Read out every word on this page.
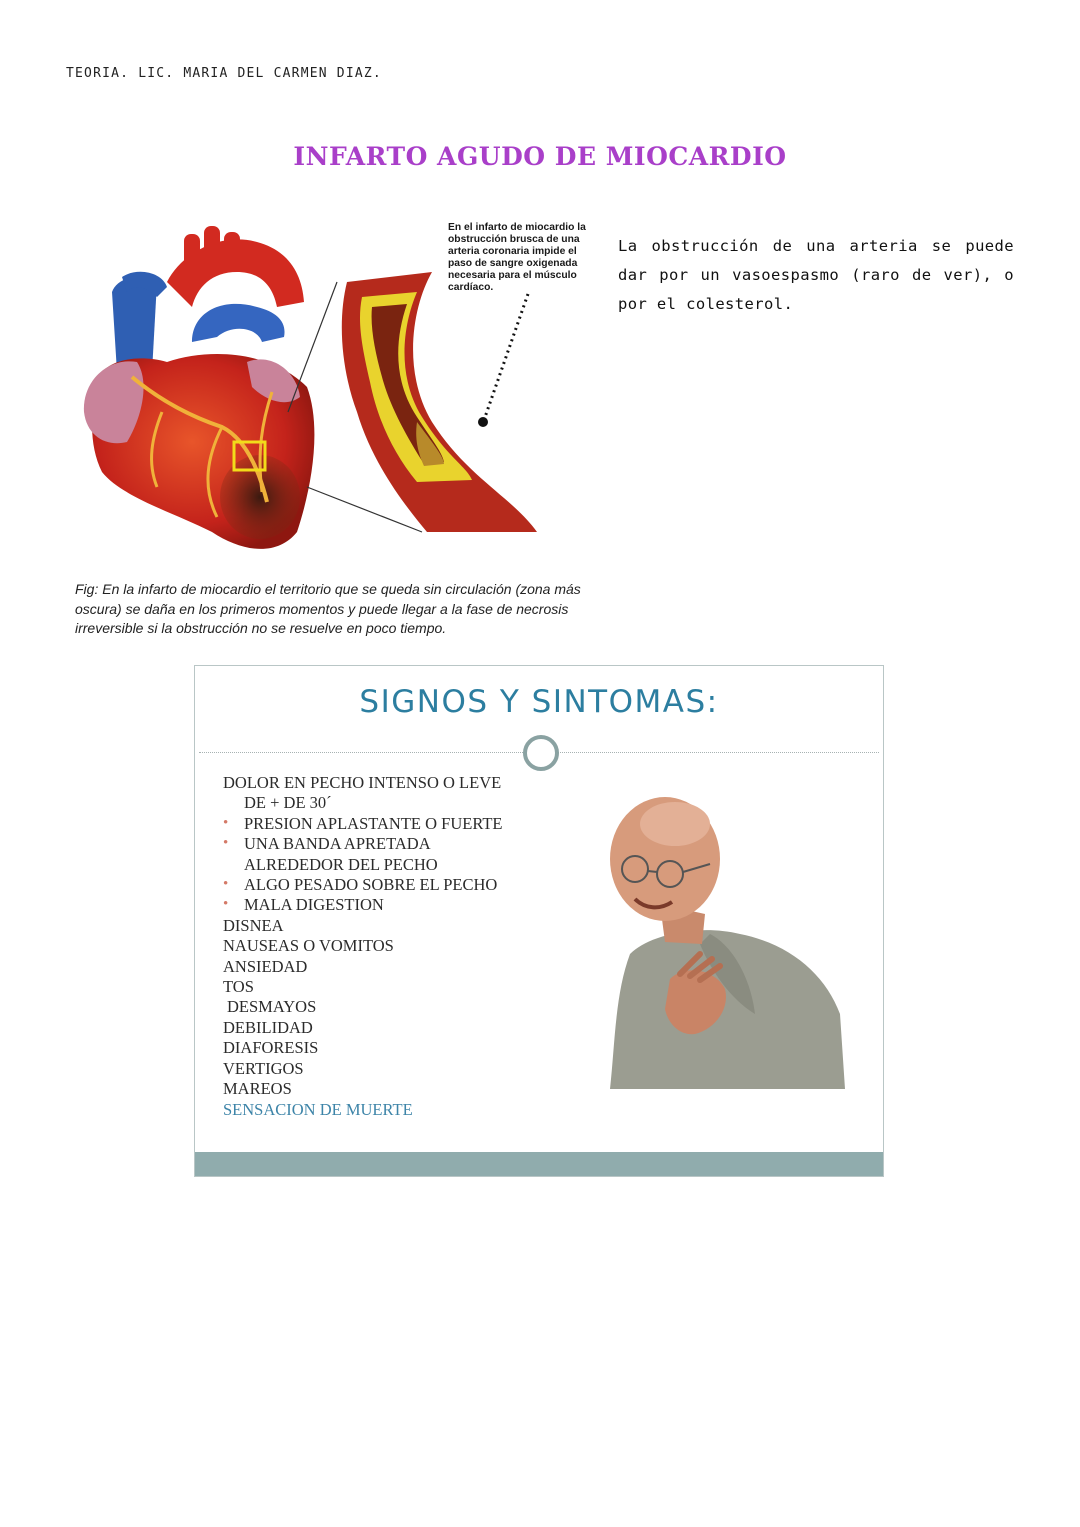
TEORIA. LIC. MARIA DEL CARMEN DIAZ.
INFARTO AGUDO DE MIOCARDIO
En el infarto de miocardio la obstrucción brusca de una arteria coronaria impide el paso de sangre oxigenada necesaria para el músculo cardíaco.
La obstrucción de una arteria se puede dar por un vasoespasmo (raro de ver), o por el colesterol.
Fig: En la infarto de miocardio el territorio que se queda sin circulación (zona más oscura) se daña en los primeros momentos y puede llegar a la fase de necrosis irreversible si la obstrucción no se resuelve en poco tiempo.
SIGNOS Y SINTOMAS:
DOLOR EN PECHO INTENSO O LEVE
DE + DE 30´
• PRESION APLASTANTE O FUERTE
• UNA BANDA APRETADA
ALREDEDOR DEL PECHO
• ALGO PESADO SOBRE EL PECHO
• MALA DIGESTION
DISNEA
NAUSEAS O VOMITOS
ANSIEDAD
TOS
DESMAYOS
DEBILIDAD
DIAFORESIS
VERTIGOS
MAREOS
SENSACION DE MUERTE
